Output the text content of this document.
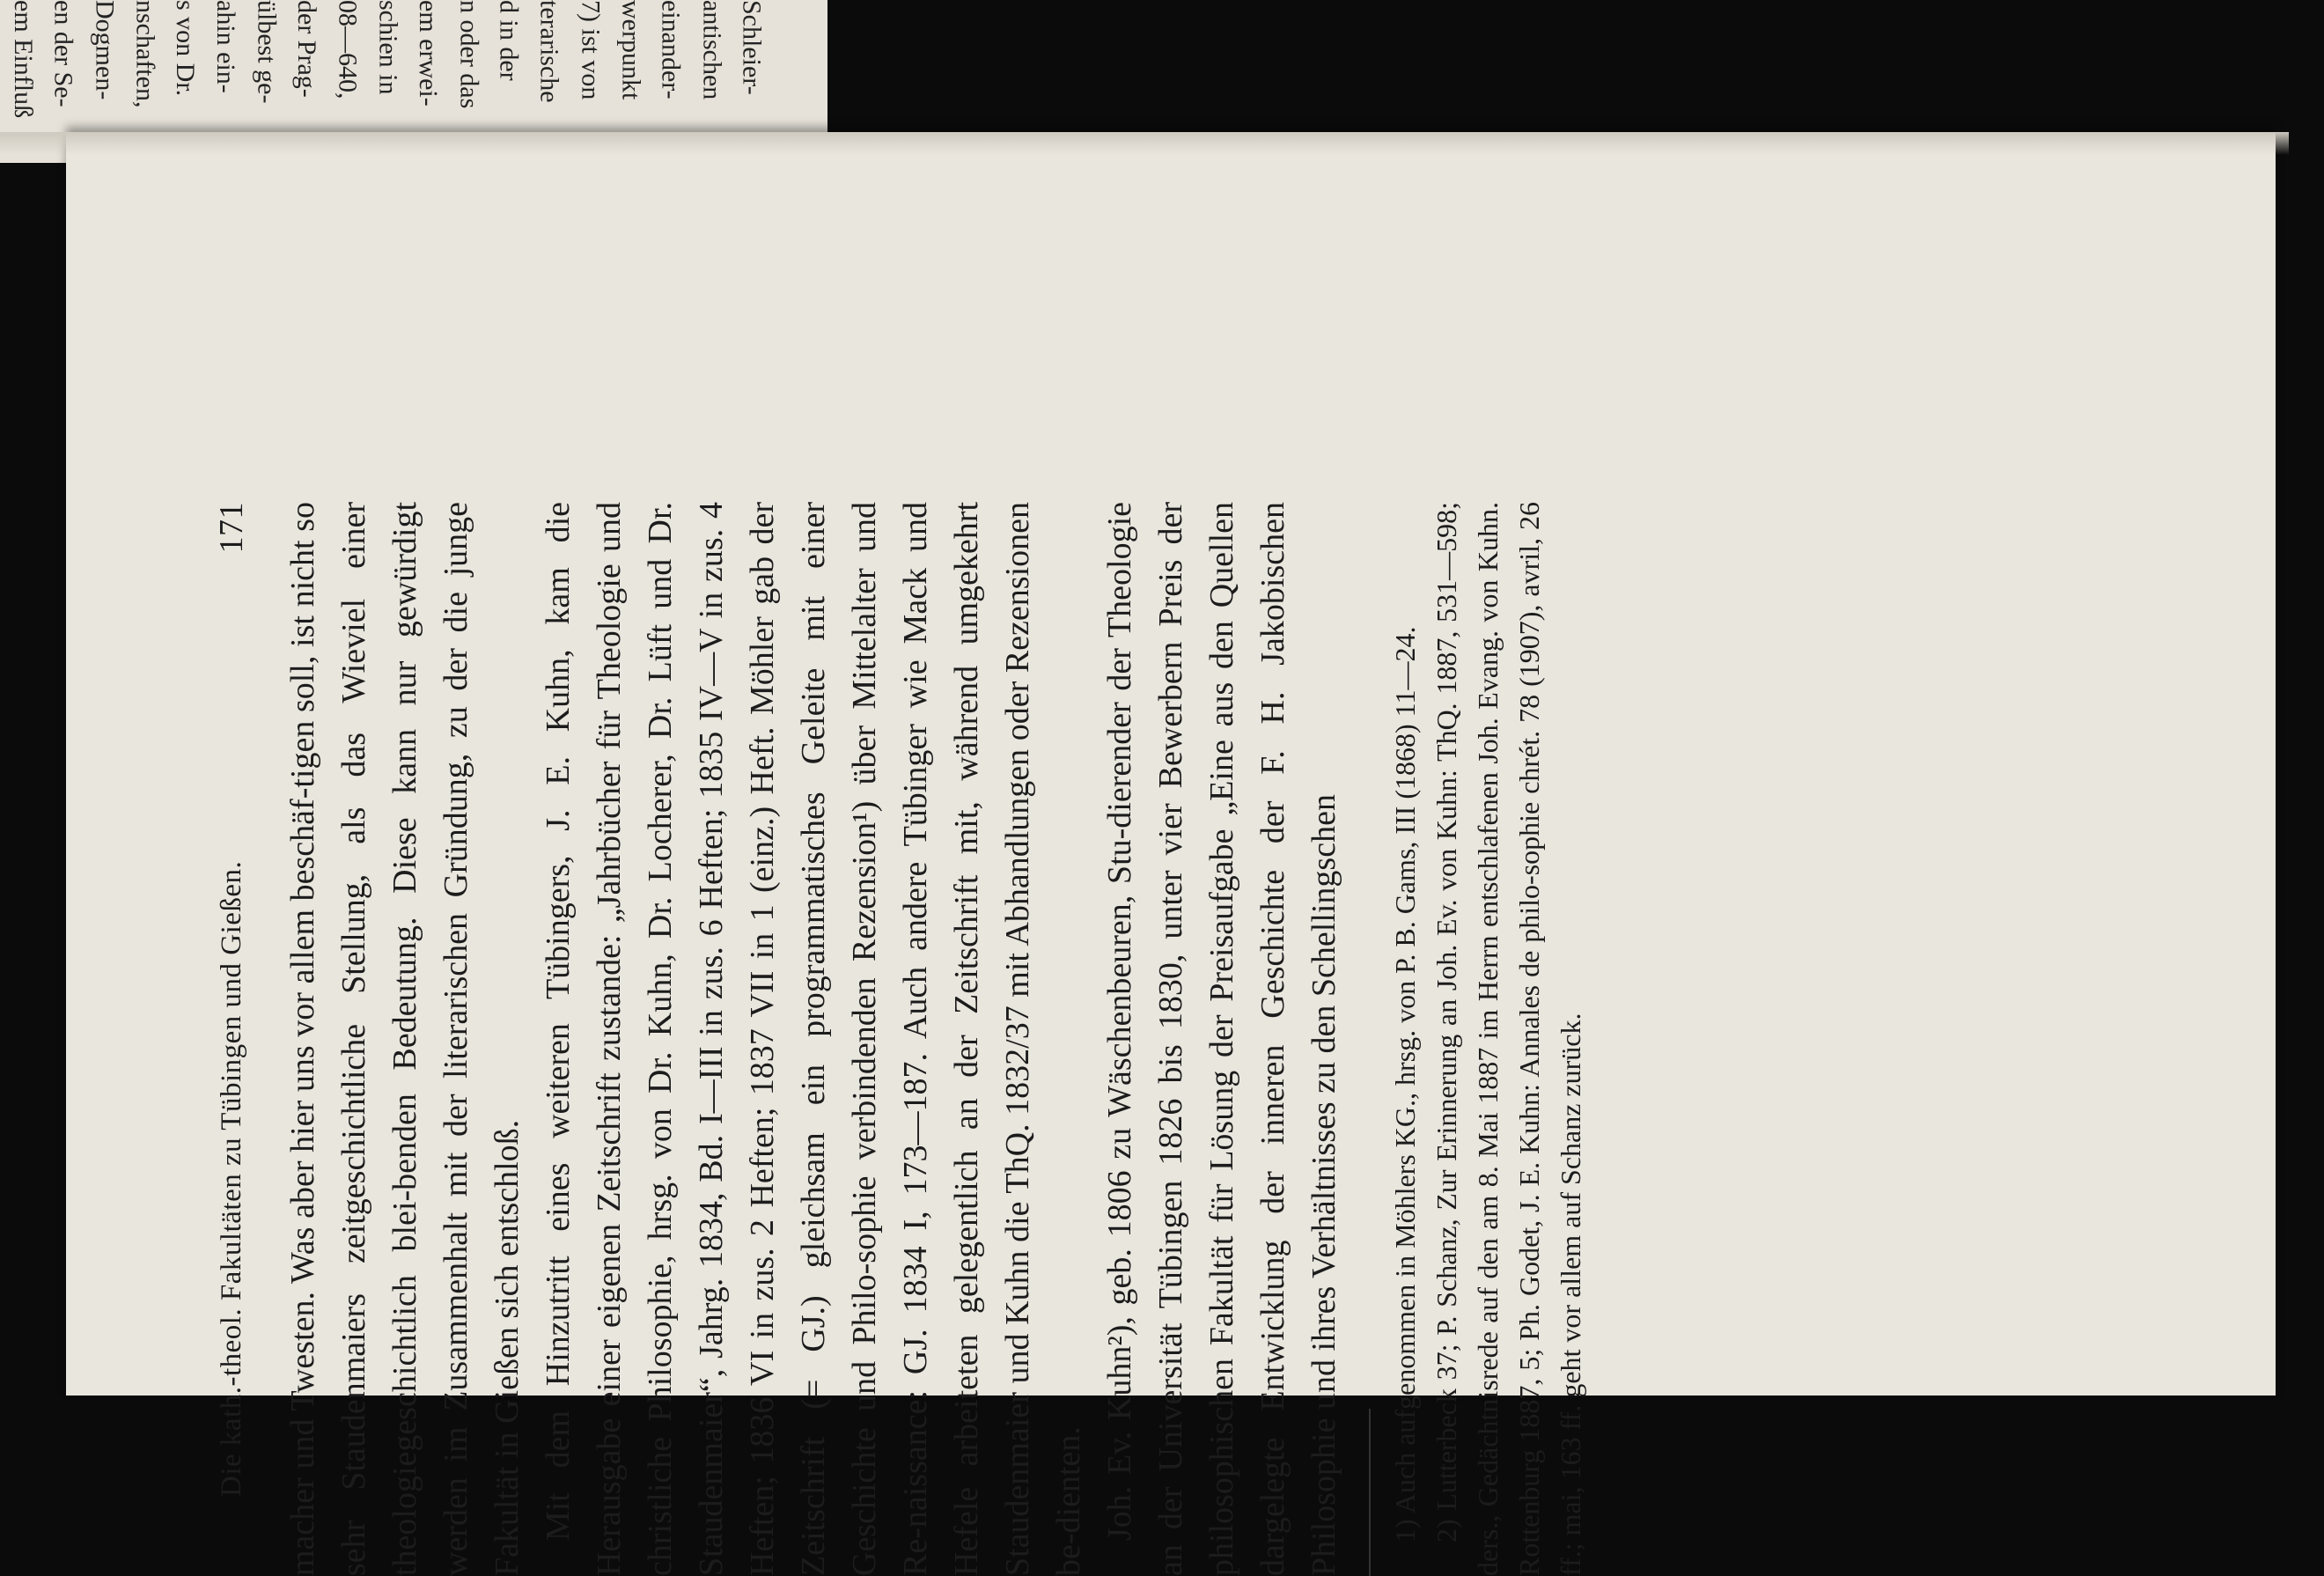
em Einfluß en der Se- Dogmen- nschaften, s von Dr. ahin ein- ülbest ge- der Prag- 08—640, schien in em erwei- n oder das d in der terarische 7) ist von werpunkt einander- antischen Schleier-
Die kath.-theol. Fakultäten zu Tübingen und Gießen.
171 macher und Twesten. Was aber hier uns vor allem beschäf-tigen soll, ist nicht so sehr Staudenmaiers zeitgeschichtliche Stellung, als das Wieviel einer theologiegeschichtlich blei-benden Bedeutung. Diese kann nur gewürdigt werden im Zusammenhalt mit der literarischen Gründung, zu der die junge Fakultät in Gießen sich entschloß. Mit dem Hinzutritt eines weiteren Tübingers, J. E. Kuhn, kam die Herausgabe einer eigenen Zeitschrift zustande: „Jahrbücher für Theologie und christliche Philosophie, hrsg. von Dr. Kuhn, Dr. Locherer, Dr. Lüft und Dr. Staudenmaier“, Jahrg. 1834, Bd. I—III in zus. 6 Heften; 1835 IV—V in zus. 4 Heften; 1836 VI in zus. 2 Heften; 1837 VII in 1 (einz.) Heft. Möhler gab der Zeitschrift (= GJ.) gleichsam ein programmatisches Geleite mit einer Geschichte und Philo-sophie verbindenden Rezension¹) über Mittelalter und Re-naissance: GJ. 1834 I, 173—187. Auch andere Tübinger wie Mack und Hefele arbeiteten gelegentlich an der Zeitschrift mit, während umgekehrt Staudenmaier und Kuhn die ThQ. 1832/37 mit Abhandlungen oder Rezensionen be-dienten. Joh. Ev. Kuhn²), geb. 1806 zu Wäschenbeuren, Stu-dierender der Theologie an der Universität Tübingen 1826 bis 1830, unter vier Bewerbern Preis der philosophischen Fakultät für Lösung der Preisaufgabe „Eine aus den Quellen dargelegte Entwicklung der inneren Geschichte der F. H. Jakobischen Philosophie und ihres Verhältnisses zu den Schellingschen 1) Auch aufgenommen in Möhlers KG., hrsg. von P. B. Gams, III (1868) 11—24. 2) Lutterbeck 37; P. Schanz, Zur Erinnerung an Joh. Ev. von Kuhn: ThQ. 1887, 531—598; ders., Gedächtnisrede auf den am 8. Mai 1887 im Herrn entschlafenen Joh. Evang. von Kuhn. Rottenburg 1887, 5; Ph. Godet, J. E. Kuhn: Annales de philo-sophie chrét. 78 (1907), avril, 26 ff.; mai, 163 ff. geht vor allem auf Schanz zurück.
